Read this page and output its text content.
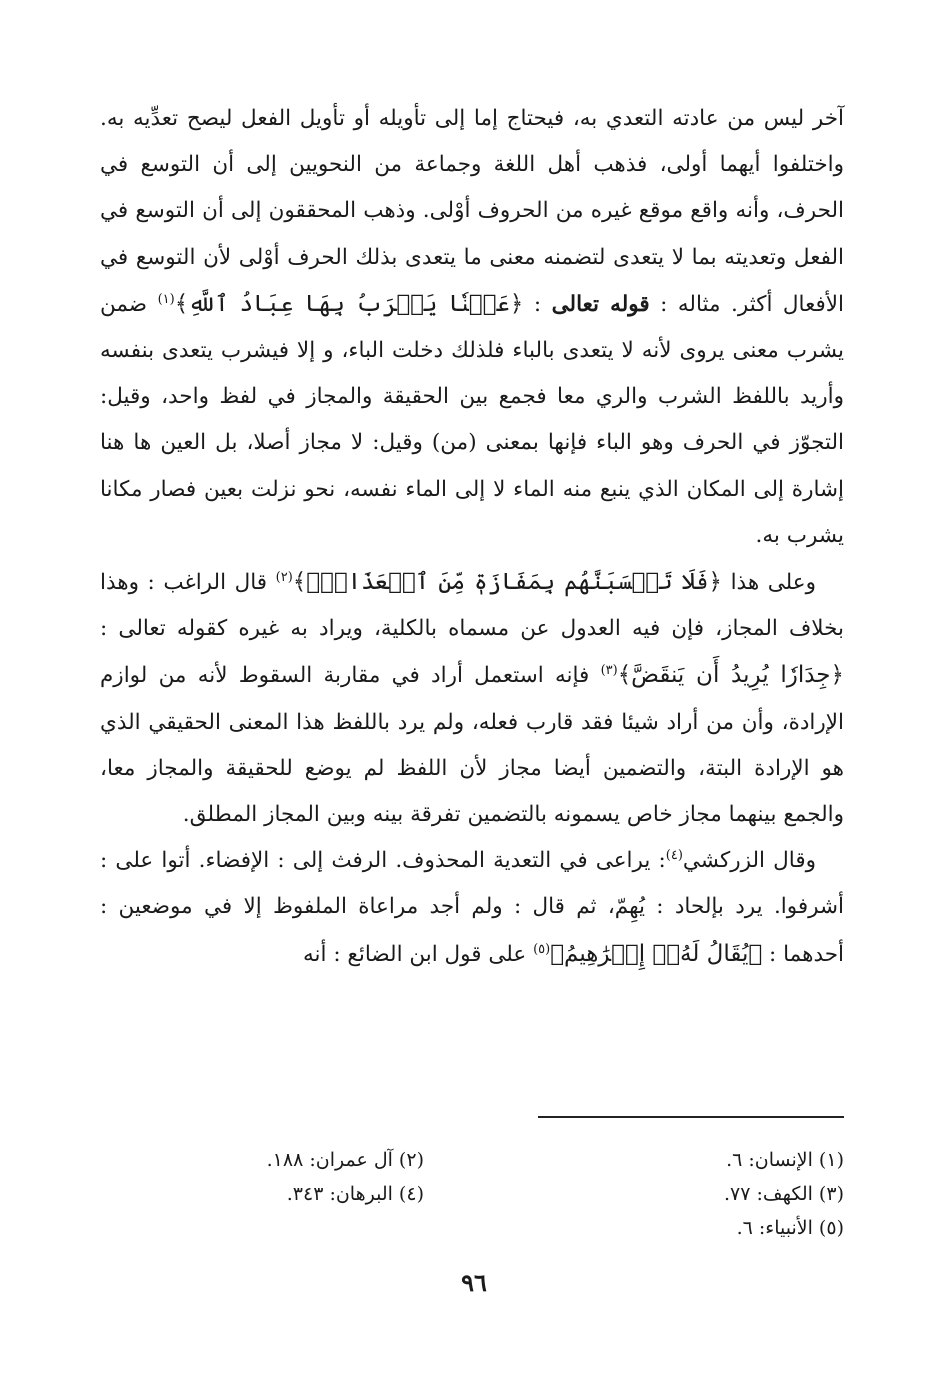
آخر ليس من عادته التعدي به، فيحتاج إما إلى تأويله أو تأويل الفعل ليصح تعدِّيه به. واختلفوا أيهما أولى، فذهب أهل اللغة وجماعة من النحويين إلى أن التوسع في الحرف، وأنه واقع موقع غيره من الحروف أوْلى. وذهب المحققون إلى أن التوسع في الفعل وتعديته بما لا يتعدى لتضمنه معنى ما يتعدى بذلك الحرف أوْلى لأن التوسع في الأفعال أكثر. مثاله : قوله تعالى : ﴿عَيۡنٗا يَشۡرَبُ بِهَا عِبَادُ ٱللَّهِ﴾$^{(١)}$ ضمن يشرب معنى يروى لأنه لا يتعدى بالباء فلذلك دخلت الباء، و إلا فيشرب يتعدى بنفسه وأريد باللفظ الشرب والري معا فجمع بين الحقيقة والمجاز في لفظ واحد، وقيل: التجوّز في الحرف وهو الباء فإنها بمعنى (من) وقيل: لا مجاز أصلا، بل العين ها هنا إشارة إلى المكان الذي ينبع منه الماء لا إلى الماء نفسه، نحو نزلت بعين فصار مكانا يشرب به.

وعلى هذا ﴿فَلَا تَحۡسَبَنَّهُم بِمَفَازَةٖ مِّنَ ٱلۡعَذَابِۖ﴾$^{(٢)}$ قال الراغب : وهذا بخلاف المجاز، فإن فيه العدول عن مسماه بالكلية، ويراد به غيره كقوله تعالى : ﴿جِدَارٗا يُرِيدُ أَن يَنقَضَّ﴾$^{(٣)}$ فإنه استعمل أراد في مقاربة السقوط لأنه من لوازم الإرادة، وأن من أراد شيئا فقد قارب فعله، ولم يرد باللفظ هذا المعنى الحقيقي الذي هو الإرادة البتة، والتضمين أيضا مجاز لأن اللفظ لم يوضع للحقيقة والمجاز معا، والجمع بينهما مجاز خاص يسمونه بالتضمين تفرقة بينه وبين المجاز المطلق.

وقال الزركشي$^{(٤)}$: يراعى في التعدية المحذوف. الرفث إلى : الإفضاء. أتوا على : أشرفوا. يرد بإلحاد : يُهِمّ، ثم قال : ولم أجد مراعاة الملفوظ إلا في موضعين : أحدهما : ﴿يُقَالُ لَهُۥٓ إِبۡرَٰهِيمُ﴾$^{(٥)}$ على قول ابن الضائع : أنه

(١) الإنسان: ٦.
(٢) آل عمران: ١٨٨.
(٣) الكهف: ٧٧.
(٤) البرهان: ٣٤٣.
(٥) الأنبياء: ٦.
٩٦
